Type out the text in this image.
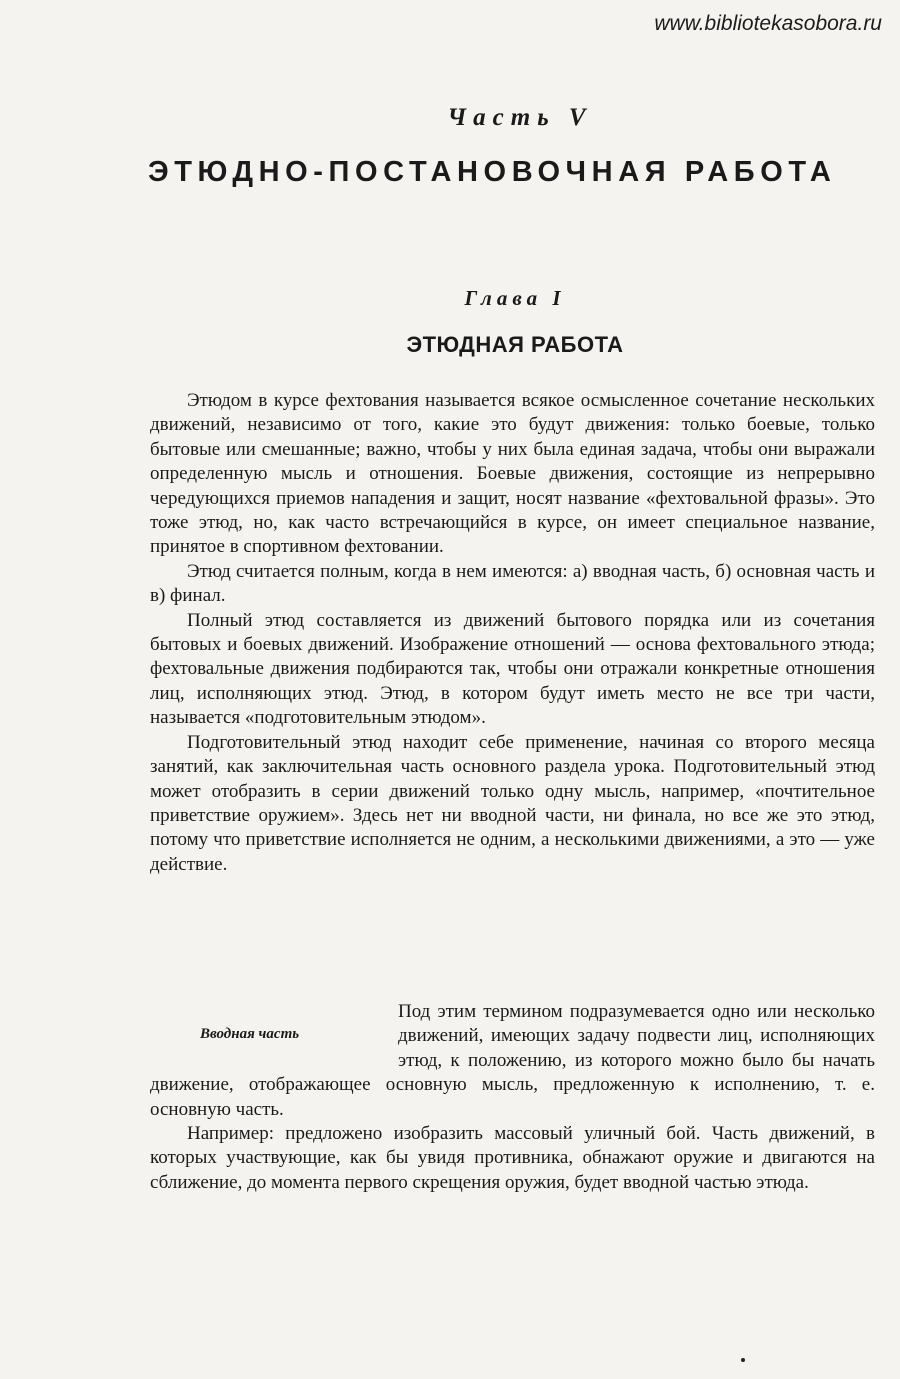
www.bibliotekasobora.ru
Часть V
ЭТЮДНО-ПОСТАНОВОЧНАЯ РАБОТА
Глава I
ЭТЮДНАЯ РАБОТА

Этюдом в курсе фехтования называется всякое осмысленное сочетание нескольких движений, независимо от того, какие это будут движения: только боевые, только бытовые или смешанные; важно, чтобы у них была единая задача, чтобы они выражали определенную мысль и отношения. Боевые движения, состоящие из непрерывно чередующихся приемов нападения и защит, носят название «фехтовальной фразы». Это тоже этюд, но, как часто встречающийся в курсе, он имеет специальное название, принятое в спортивном фехтовании.

Этюд считается полным, когда в нем имеются: а) вводная часть, б) основная часть и в) финал.

Полный этюд составляется из движений бытового порядка или из сочетания бытовых и боевых движений. Изображение отношений — основа фехтовального этюда; фехтовальные движения подбираются так, чтобы они отражали конкретные отношения лиц, исполняющих этюд. Этюд, в котором будут иметь место не все три части, называется «подготовительным этюдом».

Подготовительный этюд находит себе применение, начиная со второго месяца занятий, как заключительная часть основного раздела урока. Подготовительный этюд может отобразить в серии движений только одну мысль, например, «почтительное приветствие оружием». Здесь нет ни вводной части, ни финала, но все же это этюд, потому что приветствие исполняется не одним, а несколькими движениями, а это — уже действие.

Вводная часть

Под этим термином подразумевается одно или несколько движений, имеющих задачу подвести лиц, исполняющих этюд, к положению, из которого можно было бы начать движение, отображающее основную мысль, предложенную к исполнению, т. е. основную часть.

Например: предложено изобразить массовый уличный бой. Часть движений, в которых участвующие, как бы увидя противника, обнажают оружие и двигаются на сближение, до момента первого скрещения оружия, будет вводной частью этюда.
